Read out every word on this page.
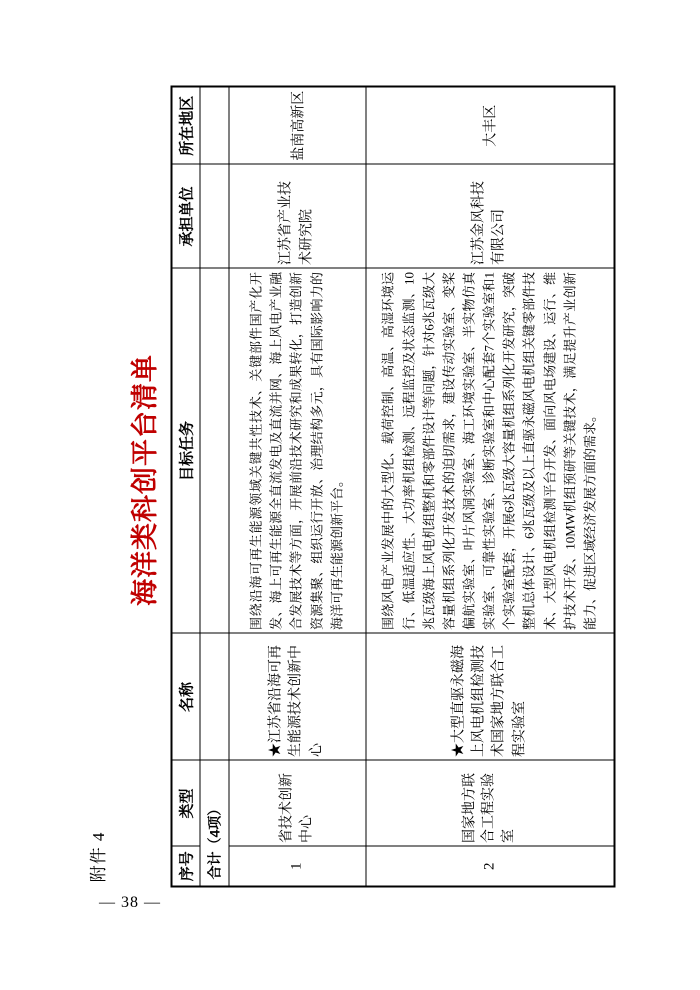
附件 4
海洋类科创平台清单
序号	类型	名称	目标任务	承担单位	所在地区
合计（4项）					
1	省技术创新中心	★江苏省沿海可再生能源技术创新中心	围绕沿海可再生能源领域关键共性技术、关键部件国产化开发、海上可再生能源全直流发电及直流并网、海上风电产业融合发展技术等方面，开展前沿技术研究和成果转化，打造创新资源集聚、组织运行开放、治理结构多元，具有国际影响力的海洋可再生能源创新平台。	江苏省产业技术研究院	盐南高新区
2	国家地方联合工程实验室	★大型直驱永磁海上风电机组检测技术国家地方联合工程实验室	围绕风电产业发展中的大型化、载荷控制、高温、高湿环境运行、低温适应性、大功率机组检测、远程监控及状态监测、10兆瓦级海上风电机组整机和零部件设计等问题，针对6兆瓦级大容量机组系列化开发技术的迫切需求，建设传动实验室、变桨偏航实验室、叶片风洞实验室、海工环境实验室、半实物仿真实验室、可靠性实验室、诊断实验室和中心配套7个实验室和1个实验室配套，开展6兆瓦级大容量机组系列化开发研究，突破整机总体设计、6兆瓦级及以上直驱永磁风电机组关键零部件技术、大型风电机组检测平台开发、面向风电场建设、运行、维护技术开发、10MW机组预研等关键技术，满足提升产业创新能力、促进区域经济发展方面的需求。	江苏金风科技有限公司	大丰区
— 38 —
